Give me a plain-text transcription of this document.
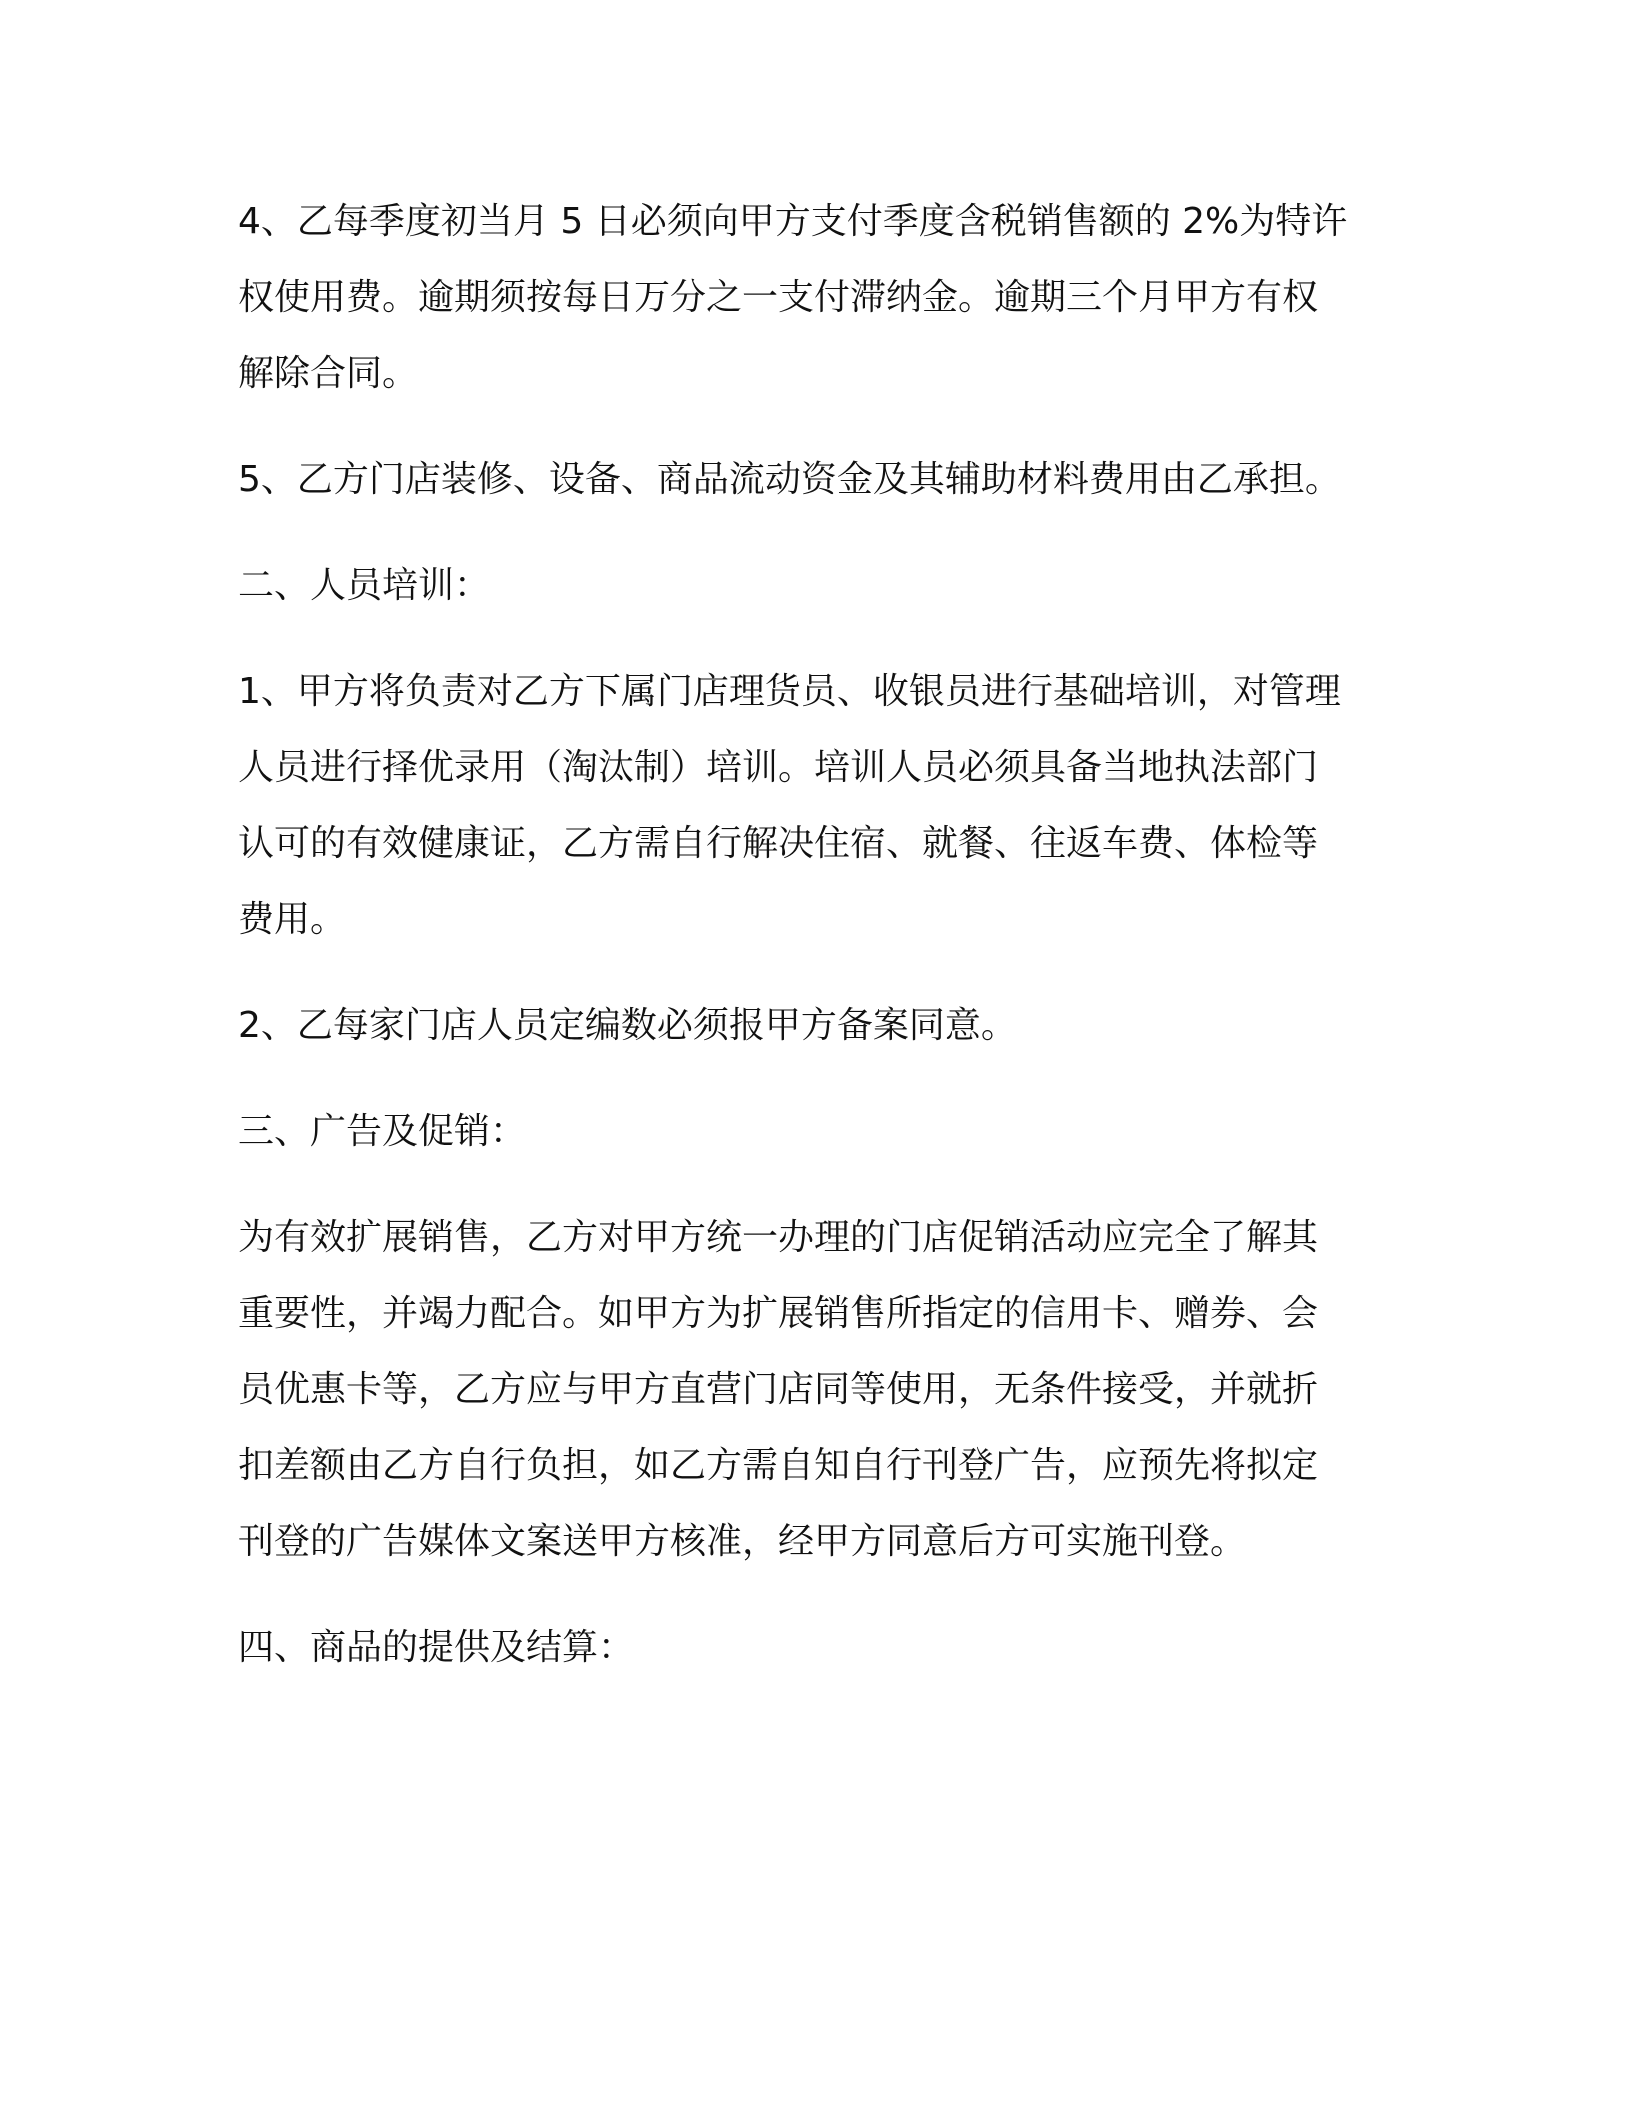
4、乙每季度初当月 5 日必须向甲方支付季度含税销售额的 2%为特许

权使用费。逾期须按每日万分之一支付滞纳金。逾期三个月甲方有权

解除合同。

5、乙方门店装修、设备、商品流动资金及其辅助材料费用由乙承担。

二、人员培训：

1、甲方将负责对乙方下属门店理货员、收银员进行基础培训，对管理

人员进行择优录用（淘汰制）培训。培训人员必须具备当地执法部门

认可的有效健康证，乙方需自行解决住宿、就餐、往返车费、体检等

费用。

2、乙每家门店人员定编数必须报甲方备案同意。

三、广告及促销：

为有效扩展销售，乙方对甲方统一办理的门店促销活动应完全了解其

重要性，并竭力配合。如甲方为扩展销售所指定的信用卡、赠券、会

员优惠卡等，乙方应与甲方直营门店同等使用，无条件接受，并就折

扣差额由乙方自行负担，如乙方需自知自行刊登广告，应预先将拟定

刊登的广告媒体文案送甲方核准，经甲方同意后方可实施刊登。

四、商品的提供及结算：
